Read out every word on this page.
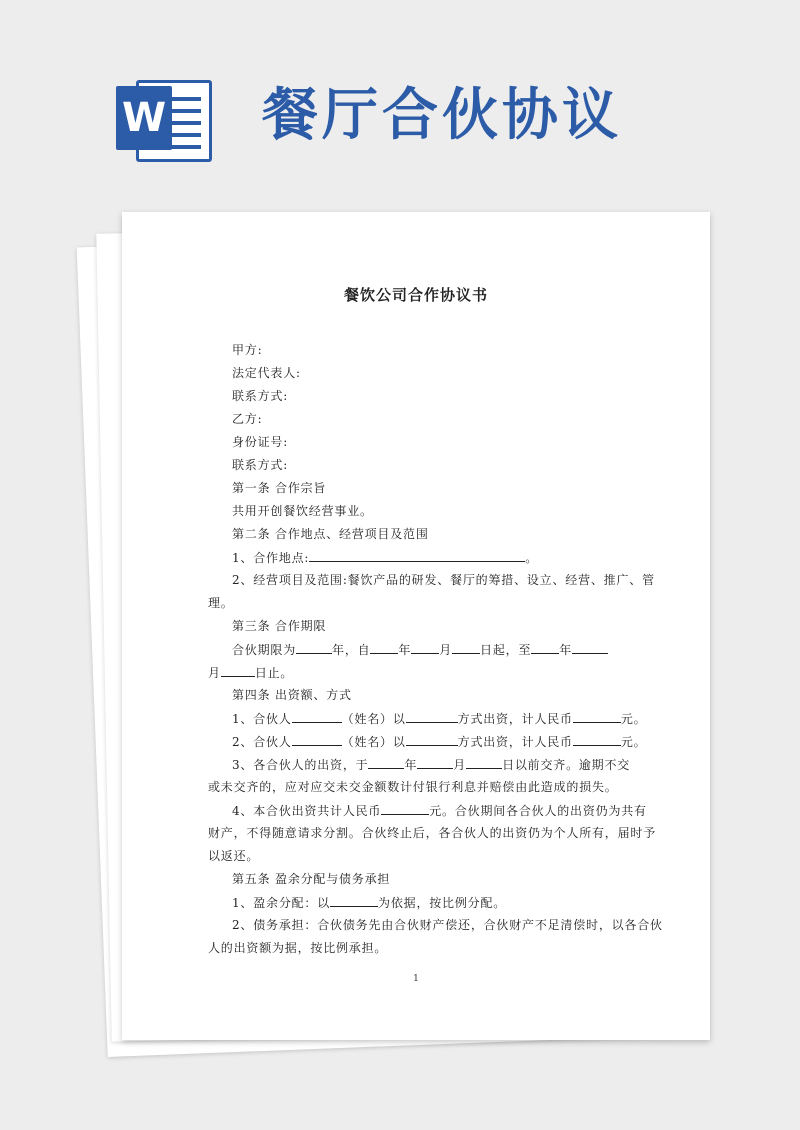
W 餐厅合伙协议
餐饮公司合作协议书
甲方:
法定代表人:
联系方式:
乙方:
身份证号:
联系方式:
第一条 合作宗旨
共用开创餐饮经营事业。
第二条 合作地点、经营项目及范围
1、合作地点:	。
2、经营项目及范围:餐饮产品的研发、餐厅的筹措、设立、经营、推广、管
理。
第三条 合作期限
合伙期限为	年，自 年 月 日起，至 年
月	日止。
第四条 出资额、方式
1、合伙人	（姓名）以	方式出资，计人民币	元。
2、合伙人	（姓名）以	方式出资，计人民币	元。
3、各合伙人的出资，于	年	月	日以前交齐。逾期不交
或未交齐的，应对应交未交金额数计付银行利息并赔偿由此造成的损失。
4、本合伙出资共计人民币	元。合伙期间各合伙人的出资仍为共有
财产，不得随意请求分割。合伙终止后，各合伙人的出资仍为个人所有，届时予
以返还。
第五条 盈余分配与债务承担
1、盈余分配：以	为依据，按比例分配。
2、债务承担：合伙债务先由合伙财产偿还，合伙财产不足清偿时，以各合伙
人的出资额为据，按比例承担。
1
